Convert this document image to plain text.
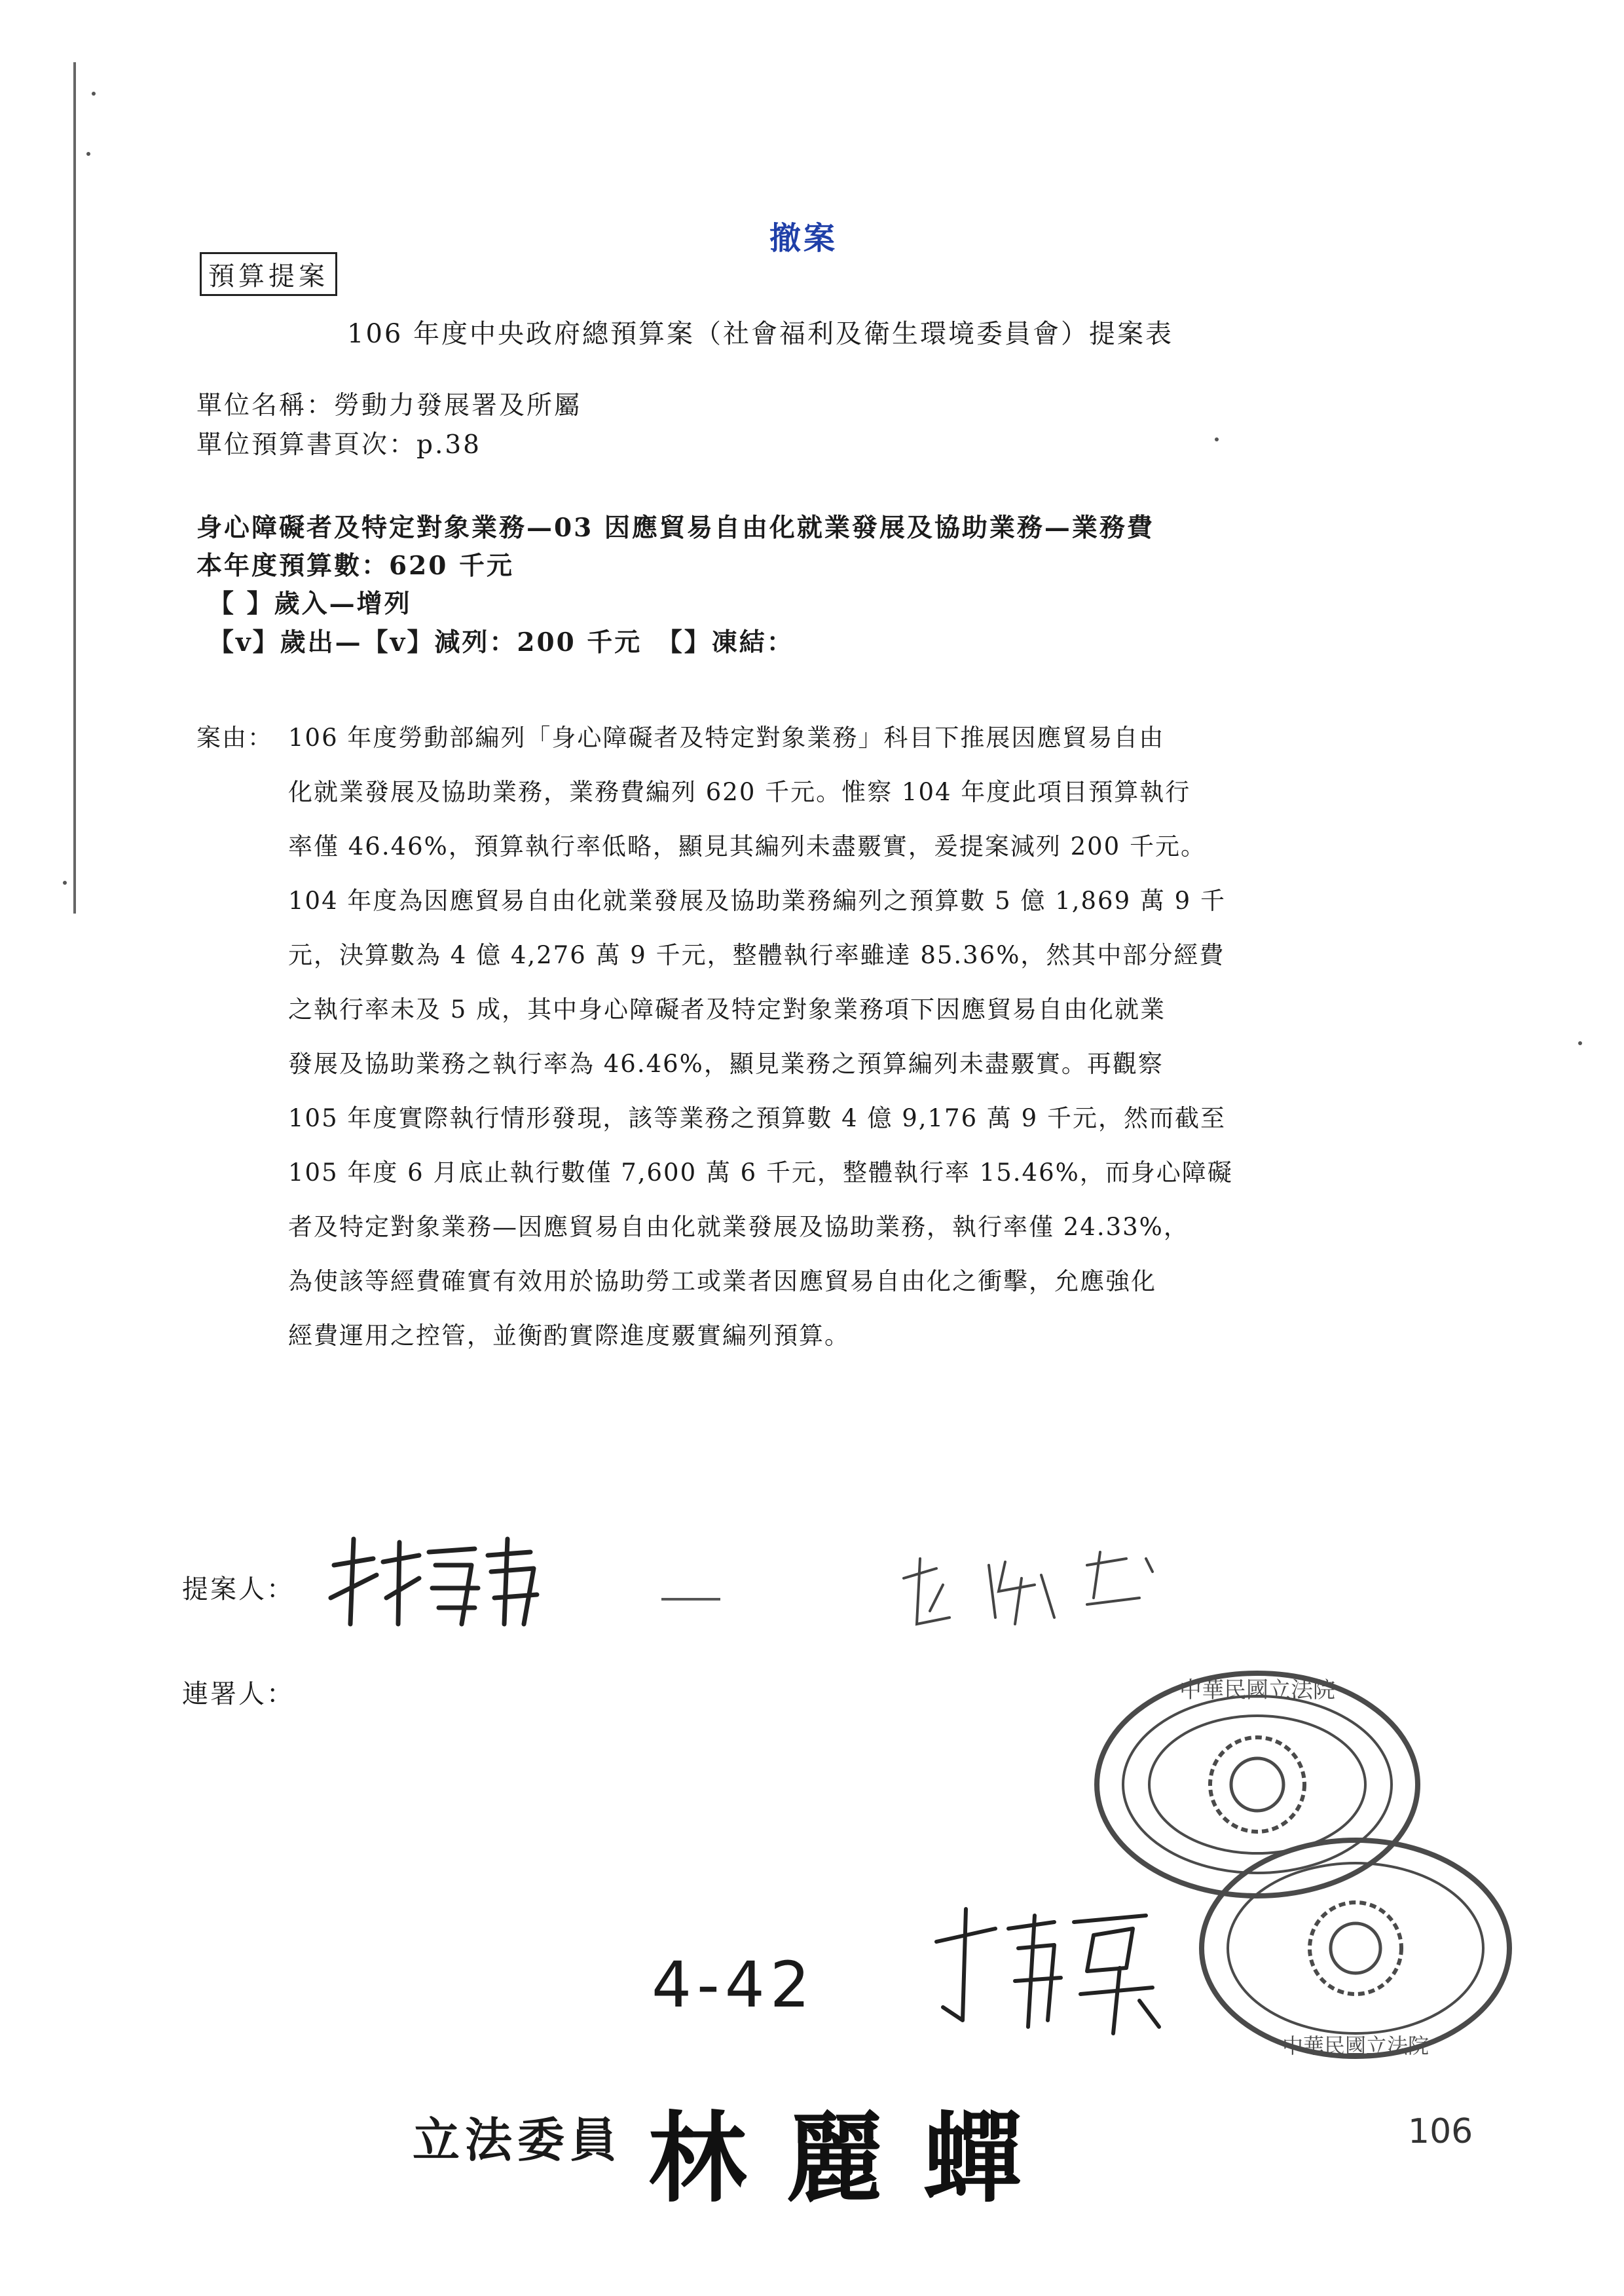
撤案
預算提案
106 年度中央政府總預算案（社會福利及衛生環境委員會）提案表
單位名稱：勞動力發展署及所屬
單位預算書頁次：p.38
身心障礙者及特定對象業務—03 因應貿易自由化就業發展及協助業務—業務費
本年度預算數：620 千元
【 】歲入—增列
【v】歲出—【v】減列：200 千元　【】凍結：
案由： 106 年度勞動部編列「身心障礙者及特定對象業務」科目下推展因應貿易自由
化就業發展及協助業務，業務費編列 620 千元。惟察 104 年度此項目預算執行
率僅 46.46%，預算執行率低略，顯見其編列未盡覈實，爰提案減列 200 千元。
104 年度為因應貿易自由化就業發展及協助業務編列之預算數 5 億 1,869 萬 9 千
元，決算數為 4 億 4,276 萬 9 千元，整體執行率雖達 85.36%，然其中部分經費
之執行率未及 5 成，其中身心障礙者及特定對象業務項下因應貿易自由化就業
發展及協助業務之執行率為 46.46%，顯見業務之預算編列未盡覈實。再觀察
105 年度實際執行情形發現，該等業務之預算數 4 億 9,176 萬 9 千元，然而截至
105 年度 6 月底止執行數僅 7,600 萬 6 千元，整體執行率 15.46%，而身心障礙
者及特定對象業務—因應貿易自由化就業發展及協助業務，執行率僅 24.33%，
為使該等經費確實有效用於協助勞工或業者因應貿易自由化之衝擊，允應強化
經費運用之控管，並衡酌實際進度覈實編列預算。
提案人：
連署人：	中華民國立法院
中華民國立法院
4-42
立法委員 林麗蟬	106
